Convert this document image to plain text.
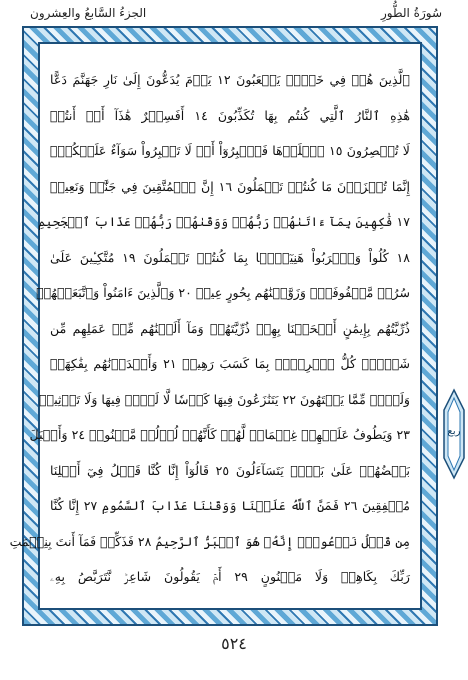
سُورَةُ الطُّورِ
الجزءُ السَّابعُ والعِشرون
ٱلَّذِينَ هُمۡ فِي خَوۡضٖ يَلۡعَبُونَ ١٢ يَوۡمَ يُدَعُّونَ إِلَىٰ نَارِ جَهَنَّمَ دَعًّا
هَٰذِهِ ٱلنَّارُ ٱلَّتِي كُنتُم بِهَا تُكَذِّبُونَ ١٤ أَفَسِحۡرٌ هَٰذَآ أَمۡ أَنتُمۡ
لَا تُبۡصِرُونَ ١٥ ٱصۡلَوۡهَا فَٱصۡبِرُوٓاْ أَوۡ لَا تَصۡبِرُواْ سَوَآءٌ عَلَيۡكُمۡۖ
إِنَّمَا تُجۡزَوۡنَ مَا كُنتُمۡ تَعۡمَلُونَ ١٦ إِنَّ ٱلۡمُتَّقِينَ فِي جَنَّٰتٖ وَنَعِيمٖ
١٧ فَٰكِهِينَ بِمَآ ءَاتَىٰهُمۡ رَبُّهُمۡ وَوَقَىٰهُمۡ رَبُّهُمۡ عَذَابَ ٱلۡجَحِيمِ
١٨ كُلُواْ وَٱشۡرَبُواْ هَنِيٓـَٔۢا بِمَا كُنتُمۡ تَعۡمَلُونَ ١٩ مُتَّكِـِٔينَ عَلَىٰ
سُرُرٖ مَّصۡفُوفَةٖۖ وَزَوَّجۡنَٰهُم بِحُورٍ عِينٖ ٢٠ وَٱلَّذِينَ ءَامَنُواْ وَٱتَّبَعَتۡهُمۡ
ذُرِّيَّتُهُم بِإِيمَٰنٍ أَلۡحَقۡنَا بِهِمۡ ذُرِّيَّتَهُمۡ وَمَآ أَلَتۡنَٰهُم مِّنۡ عَمَلِهِم مِّن
شَيۡءٖۚ كُلُّ ٱمۡرِيِٕۭ بِمَا كَسَبَ رَهِينٞ ٢١ وَأَمۡدَدۡنَٰهُم بِفَٰكِهَةٖ
وَلَحۡمٖ مِّمَّا يَشۡتَهُونَ ٢٢ يَتَنَٰزَعُونَ فِيهَا كَأۡسٗا لَّا لَغۡوٞ فِيهَا وَلَا تَأۡثِيمٞ
٢٣ وَيَطُوفُ عَلَيۡهِمۡ غِلۡمَانٞ لَّهُمۡ كَأَنَّهُمۡ لُؤۡلُؤٞ مَّكۡنُونٞ ٢٤ وَأَقۡبَلَ
بَعۡضُهُمۡ عَلَىٰ بَعۡضٖ يَتَسَآءَلُونَ ٢٥ قَالُوٓاْ إِنَّا كُنَّا قَبۡلُ فِيٓ أَهۡلِنَا
مُشۡفِقِينَ ٢٦ فَمَنَّ ٱللَّهُ عَلَيۡنَا وَوَقَىٰنَا عَذَابَ ٱلسَّمُومِ ٢٧ إِنَّا كُنَّا
مِن قَبۡلُ نَدۡعُوهُۖ إِنَّهُۥ هُوَ ٱلۡبَرُّ ٱلرَّحِيمُ ٢٨ فَذَكِّرۡ فَمَآ أَنتَ بِنِعۡمَتِ
رَبِّكَ بِكَاهِنٖ وَلَا مَجۡنُونٍ ٢٩ أَمۡ يَقُولُونَ شَاعِرٞ نَّتَرَبَّصُ بِهِۦ
ربع
٥٢٤
